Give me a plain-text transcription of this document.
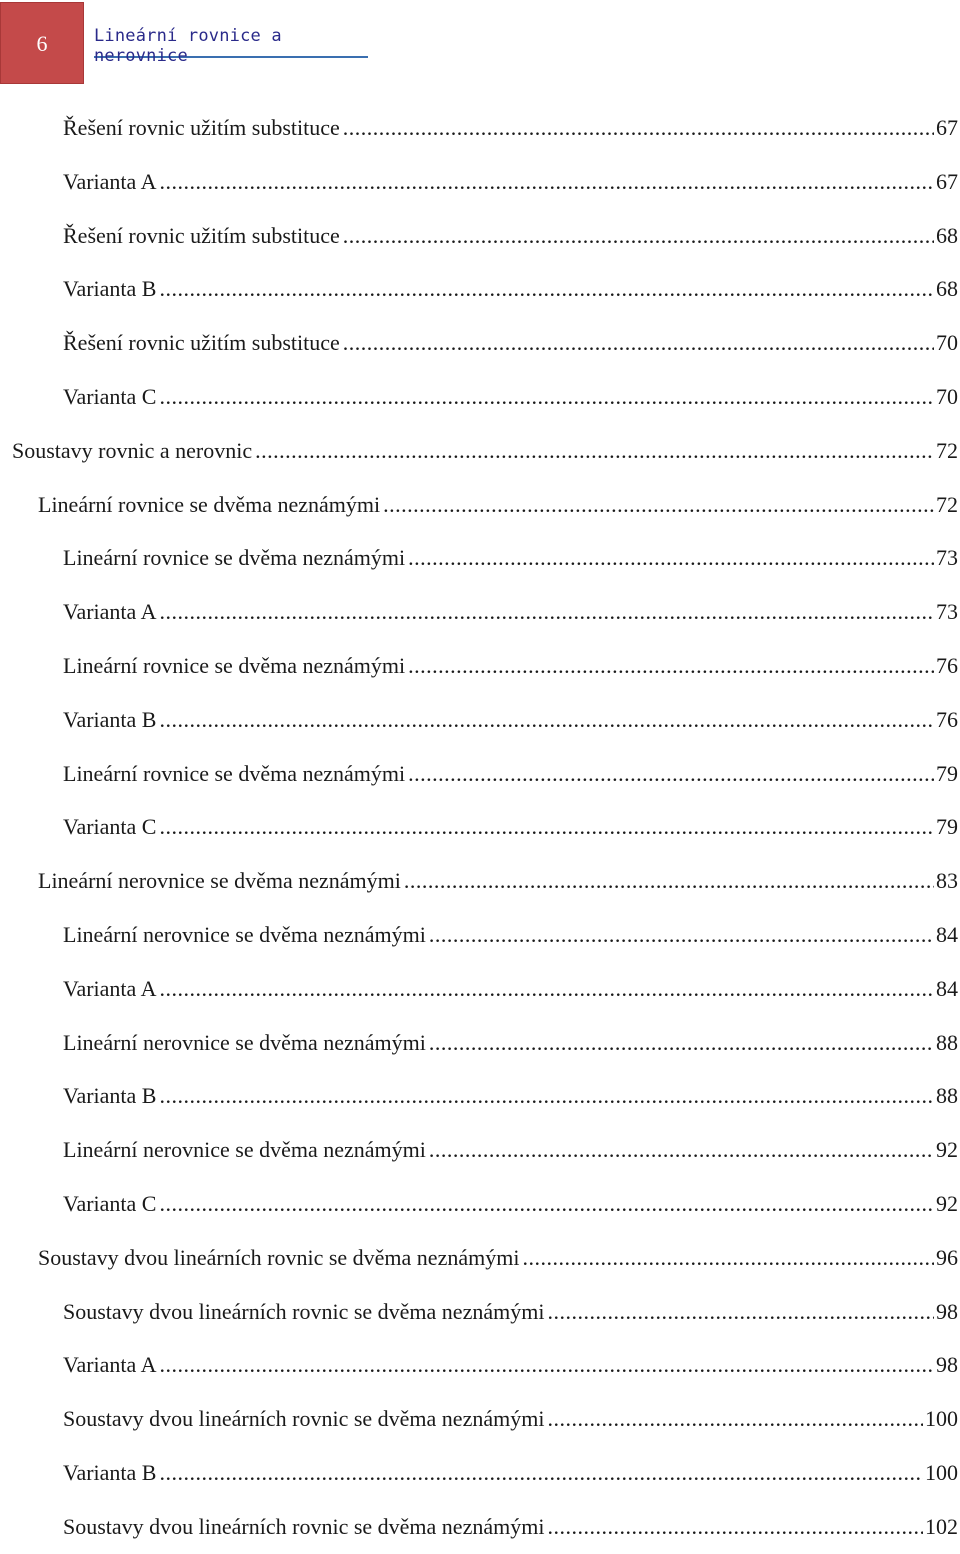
6	Lineární rovnice a nerovnice
Řešení rovnic užitím substituce .....	67
Varianta A .....	67
Řešení rovnic užitím substituce .....	68
Varianta B .....	68
Řešení rovnic užitím substituce .....	70
Varianta C .....	70
Soustavy rovnic a nerovnic .....	72
Lineární rovnice se dvěma neznámými .....	72
Lineární rovnice se dvěma neznámými .....	73
Varianta A .....	73
Lineární rovnice se dvěma neznámými .....	76
Varianta B .....	76
Lineární rovnice se dvěma neznámými .....	79
Varianta C .....	79
Lineární nerovnice se dvěma neznámými .....	83
Lineární nerovnice se dvěma neznámými .....	84
Varianta A .....	84
Lineární nerovnice se dvěma neznámými .....	88
Varianta B .....	88
Lineární nerovnice se dvěma neznámými .....	92
Varianta C .....	92
Soustavy dvou lineárních rovnic se dvěma neznámými .....	96
Soustavy dvou lineárních rovnic se dvěma neznámými .....	98
Varianta A .....	98
Soustavy dvou lineárních rovnic se dvěma neznámými .....	100
Varianta B .....	100
Soustavy dvou lineárních rovnic se dvěma neznámými .....	102
